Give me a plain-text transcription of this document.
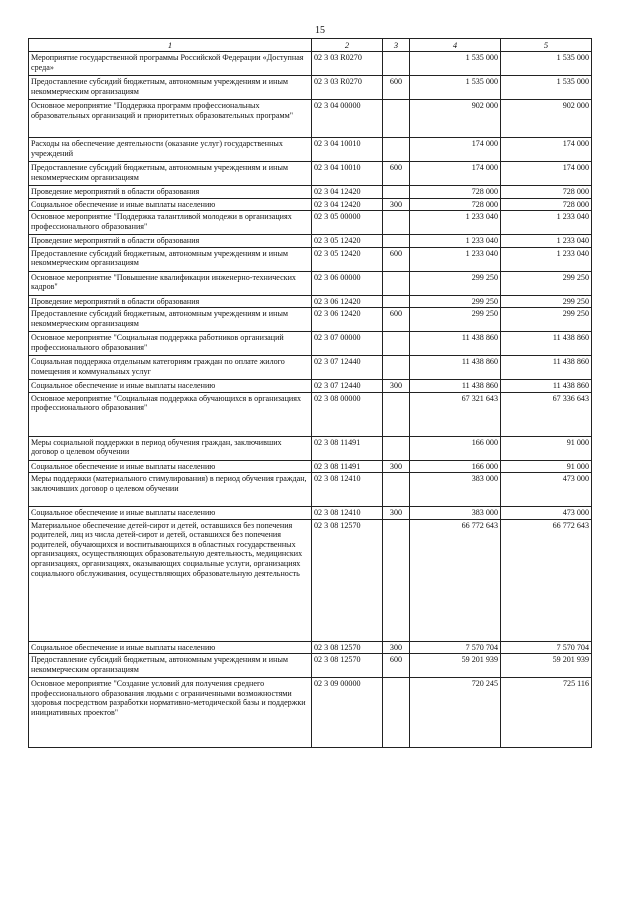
15
1	2	3	4	5
Мероприятие государственной программы Российской Федерации «Доступная среда»	02 3 03 R0270		1 535 000	1 535 000
Предоставление субсидий бюджетным, автономным учреждениям и иным некоммерческим организациям	02 3 03 R0270	600	1 535 000	1 535 000
Основное мероприятие "Поддержка программ профессиональных образовательных организаций и приоритетных образовательных программ"	02 3 04 00000		902 000	902 000
Расходы на обеспечение деятельности (оказание услуг) государственных учреждений	02 3 04 10010		174 000	174 000
Предоставление субсидий бюджетным, автономным учреждениям и иным некоммерческим организациям	02 3 04 10010	600	174 000	174 000
Проведение мероприятий в области образования	02 3 04 12420		728 000	728 000
Социальное обеспечение и иные выплаты населению	02 3 04 12420	300	728 000	728 000
Основное мероприятие "Поддержка талантливой молодежи в организациях профессионального образования"	02 3 05 00000		1 233 040	1 233 040
Проведение мероприятий в области образования	02 3 05 12420		1 233 040	1 233 040
Предоставление субсидий бюджетным, автономным учреждениям и иным некоммерческим организациям	02 3 05 12420	600	1 233 040	1 233 040
Основное мероприятие "Повышение квалификации инженерно-технических кадров"	02 3 06 00000		299 250	299 250
Проведение мероприятий в области образования	02 3 06 12420		299 250	299 250
Предоставление субсидий бюджетным, автономным учреждениям и иным некоммерческим организациям	02 3 06 12420	600	299 250	299 250
Основное мероприятие "Социальная поддержка работников организаций профессионального образования"	02 3 07 00000		11 438 860	11 438 860
Социальная поддержка отдельным категориям граждан по оплате жилого помещения и коммунальных услуг	02 3 07 12440		11 438 860	11 438 860
Социальное обеспечение и иные выплаты населению	02 3 07 12440	300	11 438 860	11 438 860
Основное мероприятие "Социальная поддержка обучающихся в организациях профессионального образования"	02 3 08 00000		67 321 643	67 336 643
Меры социальной поддержки в период обучения граждан, заключивших договор о целевом обучении	02 3 08 11491		166 000	91 000
Социальное обеспечение и иные выплаты населению	02 3 08 11491	300	166 000	91 000
Меры поддержки (материального стимулирования) в период обучения граждан, заключивших договор о целевом обучении	02 3 08 12410		383 000	473 000
Социальное обеспечение и иные выплаты населению	02 3 08 12410	300	383 000	473 000
Материальное обеспечение детей-сирот и детей, оставшихся без попечения родителей, лиц из числа детей-сирот и детей, оставшихся без попечения родителей, обучающихся и воспитывающихся в областных государственных организациях, осуществляющих образовательную деятельность, медицинских организациях, организациях, оказывающих социальные услуги, организациях социального обслуживания, осуществляющих образовательную деятельность	02 3 08 12570		66 772 643	66 772 643
Социальное обеспечение и иные выплаты населению	02 3 08 12570	300	7 570 704	7 570 704
Предоставление субсидий бюджетным, автономным учреждениям и иным некоммерческим организациям	02 3 08 12570	600	59 201 939	59 201 939
Основное мероприятие "Создание условий для получения среднего профессионального образования людьми с ограниченными возможностями здоровья посредством разработки нормативно-методической базы и поддержки инициативных проектов"	02 3 09 00000		720 245	725 116
